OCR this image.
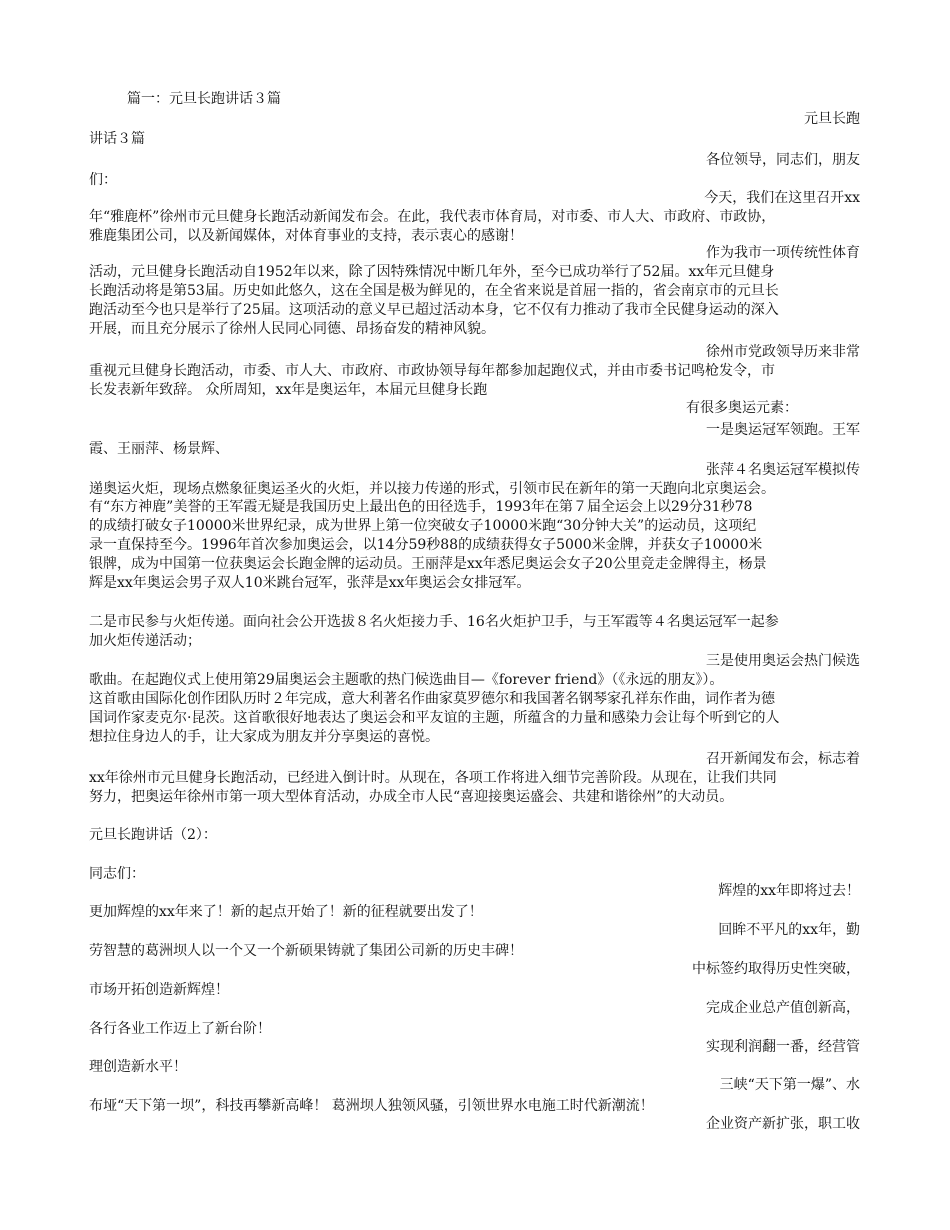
篇一：元旦长跑讲话３篇

元旦长跑

讲话３篇

各位领导，同志们，朋友

们：

今天，我们在这里召开xx

年“雅鹿杯”徐州市元旦健身长跑活动新闻发布会。在此，我代表市体育局，对市委、市人大、市政府、市政协，

雅鹿集团公司，以及新闻媒体，对体育事业的支持，表示衷心的感谢！

作为我市一项传统性体育

活动，元旦健身长跑活动自1952年以来，除了因特殊情况中断几年外，至今已成功举行了52届。xx年元旦健身

长跑活动将是第53届。历史如此悠久，这在全国是极为鲜见的，在全省来说是首屈一指的，省会南京市的元旦长

跑活动至今也只是举行了25届。这项活动的意义早已超过活动本身，它不仅有力推动了我市全民健身运动的深入

开展，而且充分展示了徐州人民同心同德、昂扬奋发的精神风貌。

徐州市党政领导历来非常

重视元旦健身长跑活动，市委、市人大、市政府、市政协领导每年都参加起跑仪式，并由市委书记鸣枪发令，市

长发表新年致辞。 众所周知，xx年是奥运年，本届元旦健身长跑

有很多奥运元素：

一是奥运冠军领跑。王军

霞、王丽萍、杨景辉、

张萍４名奥运冠军模拟传

递奥运火炬，现场点燃象征奥运圣火的火炬，并以接力传递的形式，引领市民在新年的第一天跑向北京奥运会。

有“东方神鹿”美誉的王军霞无疑是我国历史上最出色的田径选手，1993年在第７届全运会上以29分31秒78

的成绩打破女子10000米世界纪录，成为世界上第一位突破女子10000米跑“30分钟大关”的运动员，这项纪

录一直保持至今。1996年首次参加奥运会，以14分59秒88的成绩获得女子5000米金牌，并获女子10000米

银牌，成为中国第一位获奥运会长跑金牌的运动员。王丽萍是xx年悉尼奥运会女子20公里竞走金牌得主，杨景

辉是xx年奥运会男子双人10米跳台冠军，张萍是xx年奥运会女排冠军。

二是市民参与火炬传递。面向社会公开选拔８名火炬接力手、16名火炬护卫手，与王军霞等４名奥运冠军一起参

加火炬传递活动；

三是使用奥运会热门候选

歌曲。在起跑仪式上使用第29届奥运会主题歌的热门候选曲目—《forever friend》（《永远的朋友》）。

这首歌由国际化创作团队历时２年完成，意大利著名作曲家莫罗德尔和我国著名钢琴家孔祥东作曲，词作者为德

国词作家麦克尔·昆茨。这首歌很好地表达了奥运会和平友谊的主题，所蕴含的力量和感染力会让每个听到它的人

想拉住身边人的手，让大家成为朋友并分享奥运的喜悦。

召开新闻发布会，标志着

xx年徐州市元旦健身长跑活动，已经进入倒计时。从现在，各项工作将进入细节完善阶段。从现在，让我们共同

努力，把奥运年徐州市第一项大型体育活动，办成全市人民“喜迎接奥运盛会、共建和谐徐州”的大动员。

元旦长跑讲话（2）：

同志们：

辉煌的xx年即将过去！

更加辉煌的xx年来了！新的起点开始了！新的征程就要出发了！

回眸不平凡的xx年，勤

劳智慧的葛洲坝人以一个又一个新硕果铸就了集团公司新的历史丰碑！

中标签约取得历史性突破，

市场开拓创造新辉煌！

完成企业总产值创新高，

各行各业工作迈上了新台阶！

实现利润翻一番，经营管

理创造新水平！

三峡“天下第一爆”、水

布垭“天下第一坝”，科技再攀新高峰！ 葛洲坝人独领风骚，引领世界水电施工时代新潮流！

企业资产新扩张，职工收
